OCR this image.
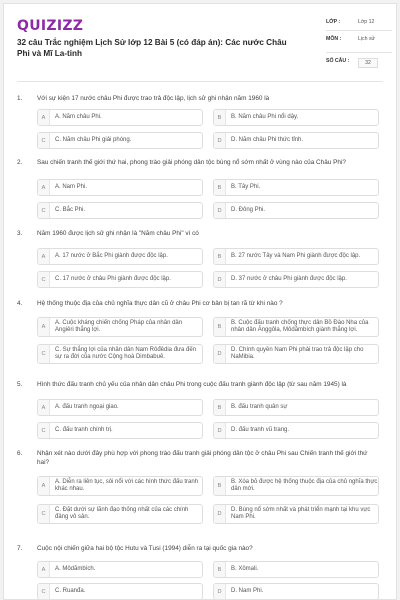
QUIZIZZ
32 câu Trắc nghiệm Lịch Sử lớp 12 Bài 5 (có đáp án): Các nước Châu Phi và Mĩ La-tinh
LỚP :	Lớp 12
MÔN :	Lịch sử
SỐ CÂU :	32
1. Với sự kiện 17 nước châu Phi được trao trả độc lập, lịch sử ghi nhận năm 1960 là
A	A. Năm châu Phi.	B	B. Năm châu Phi nổi dậy.
C	C. Năm châu Phi giải phóng.	D	D. Năm châu Phi thức tỉnh.
2. Sau chiến tranh thế giới thứ hai, phong trào giải phóng dân tộc bùng nổ sớm nhất ở vùng nào của Châu Phi?
A	A. Nam Phi.	B	B. Tây Phi.
C	C. Bắc Phi.	D	D. Đông Phi.
3. Năm 1960 được lịch sử ghi nhận là "Năm châu Phi" vì có
A	A. 17 nước ở Bắc Phi giành được độc lập.	B	B. 27 nước Tây và Nam Phi giành được độc lập.
C	C. 17 nước ở châu Phi giành được độc lập.	D	D. 37 nước ở châu Phi giành được độc lập.
4. Hệ thống thuộc địa của chủ nghĩa thực dân cũ ở châu Phi cơ bản bị tan rã từ khi nào ?
A
A. Cuộc kháng chiến chống Pháp của nhân dân Angiêri thắng lợi.	B
B. Cuộc đấu tranh chống thực dân Bồ Đào Nha của nhân dân Ănggôla, Môdămbích giành thắng lợi.
C
C. Sự thắng lợi của nhân dân Nam Rôđêdia đưa đến sự ra đời của nước Cộng hoà Dimbabuê.	D
D. Chính quyền Nam Phi phải trao trả độc lập cho NaMibia.
5. Hình thức đấu tranh chủ yếu của nhân dân châu Phi trong cuộc đấu tranh giành độc lập (từ sau năm 1945) là
A	A. đấu tranh ngoại giao.	B	B. đấu tranh quân sự
C	C. đấu tranh chính trị.	D	D. đấu tranh vũ trang.
6. Nhận xét nào dưới đây phù hợp với phong trào đấu tranh giải phóng dân tộc ở châu Phi sau Chiến tranh thế giới thứ hai?
A
A. Diễn ra liên tục, sôi nổi với các hình thức đấu tranh khác nhau.	B
B. Xóa bỏ được hệ thống thuộc địa của chủ nghĩa thực dân mới.
C
C. Đặt dưới sự lãnh đạo thống nhất của các chính đảng vô sản.	D
D. Bùng nổ sớm nhất và phát triển mạnh tại khu vực Nam Phi.
7. Cuộc nội chiến giữa hai bộ tộc Hutu và Tusi (1994) diễn ra tại quốc gia nào?
A	A. Môdămbích.	B	B. Xômali.
C	C. Ruanđa.	D	D. Nam Phi.
